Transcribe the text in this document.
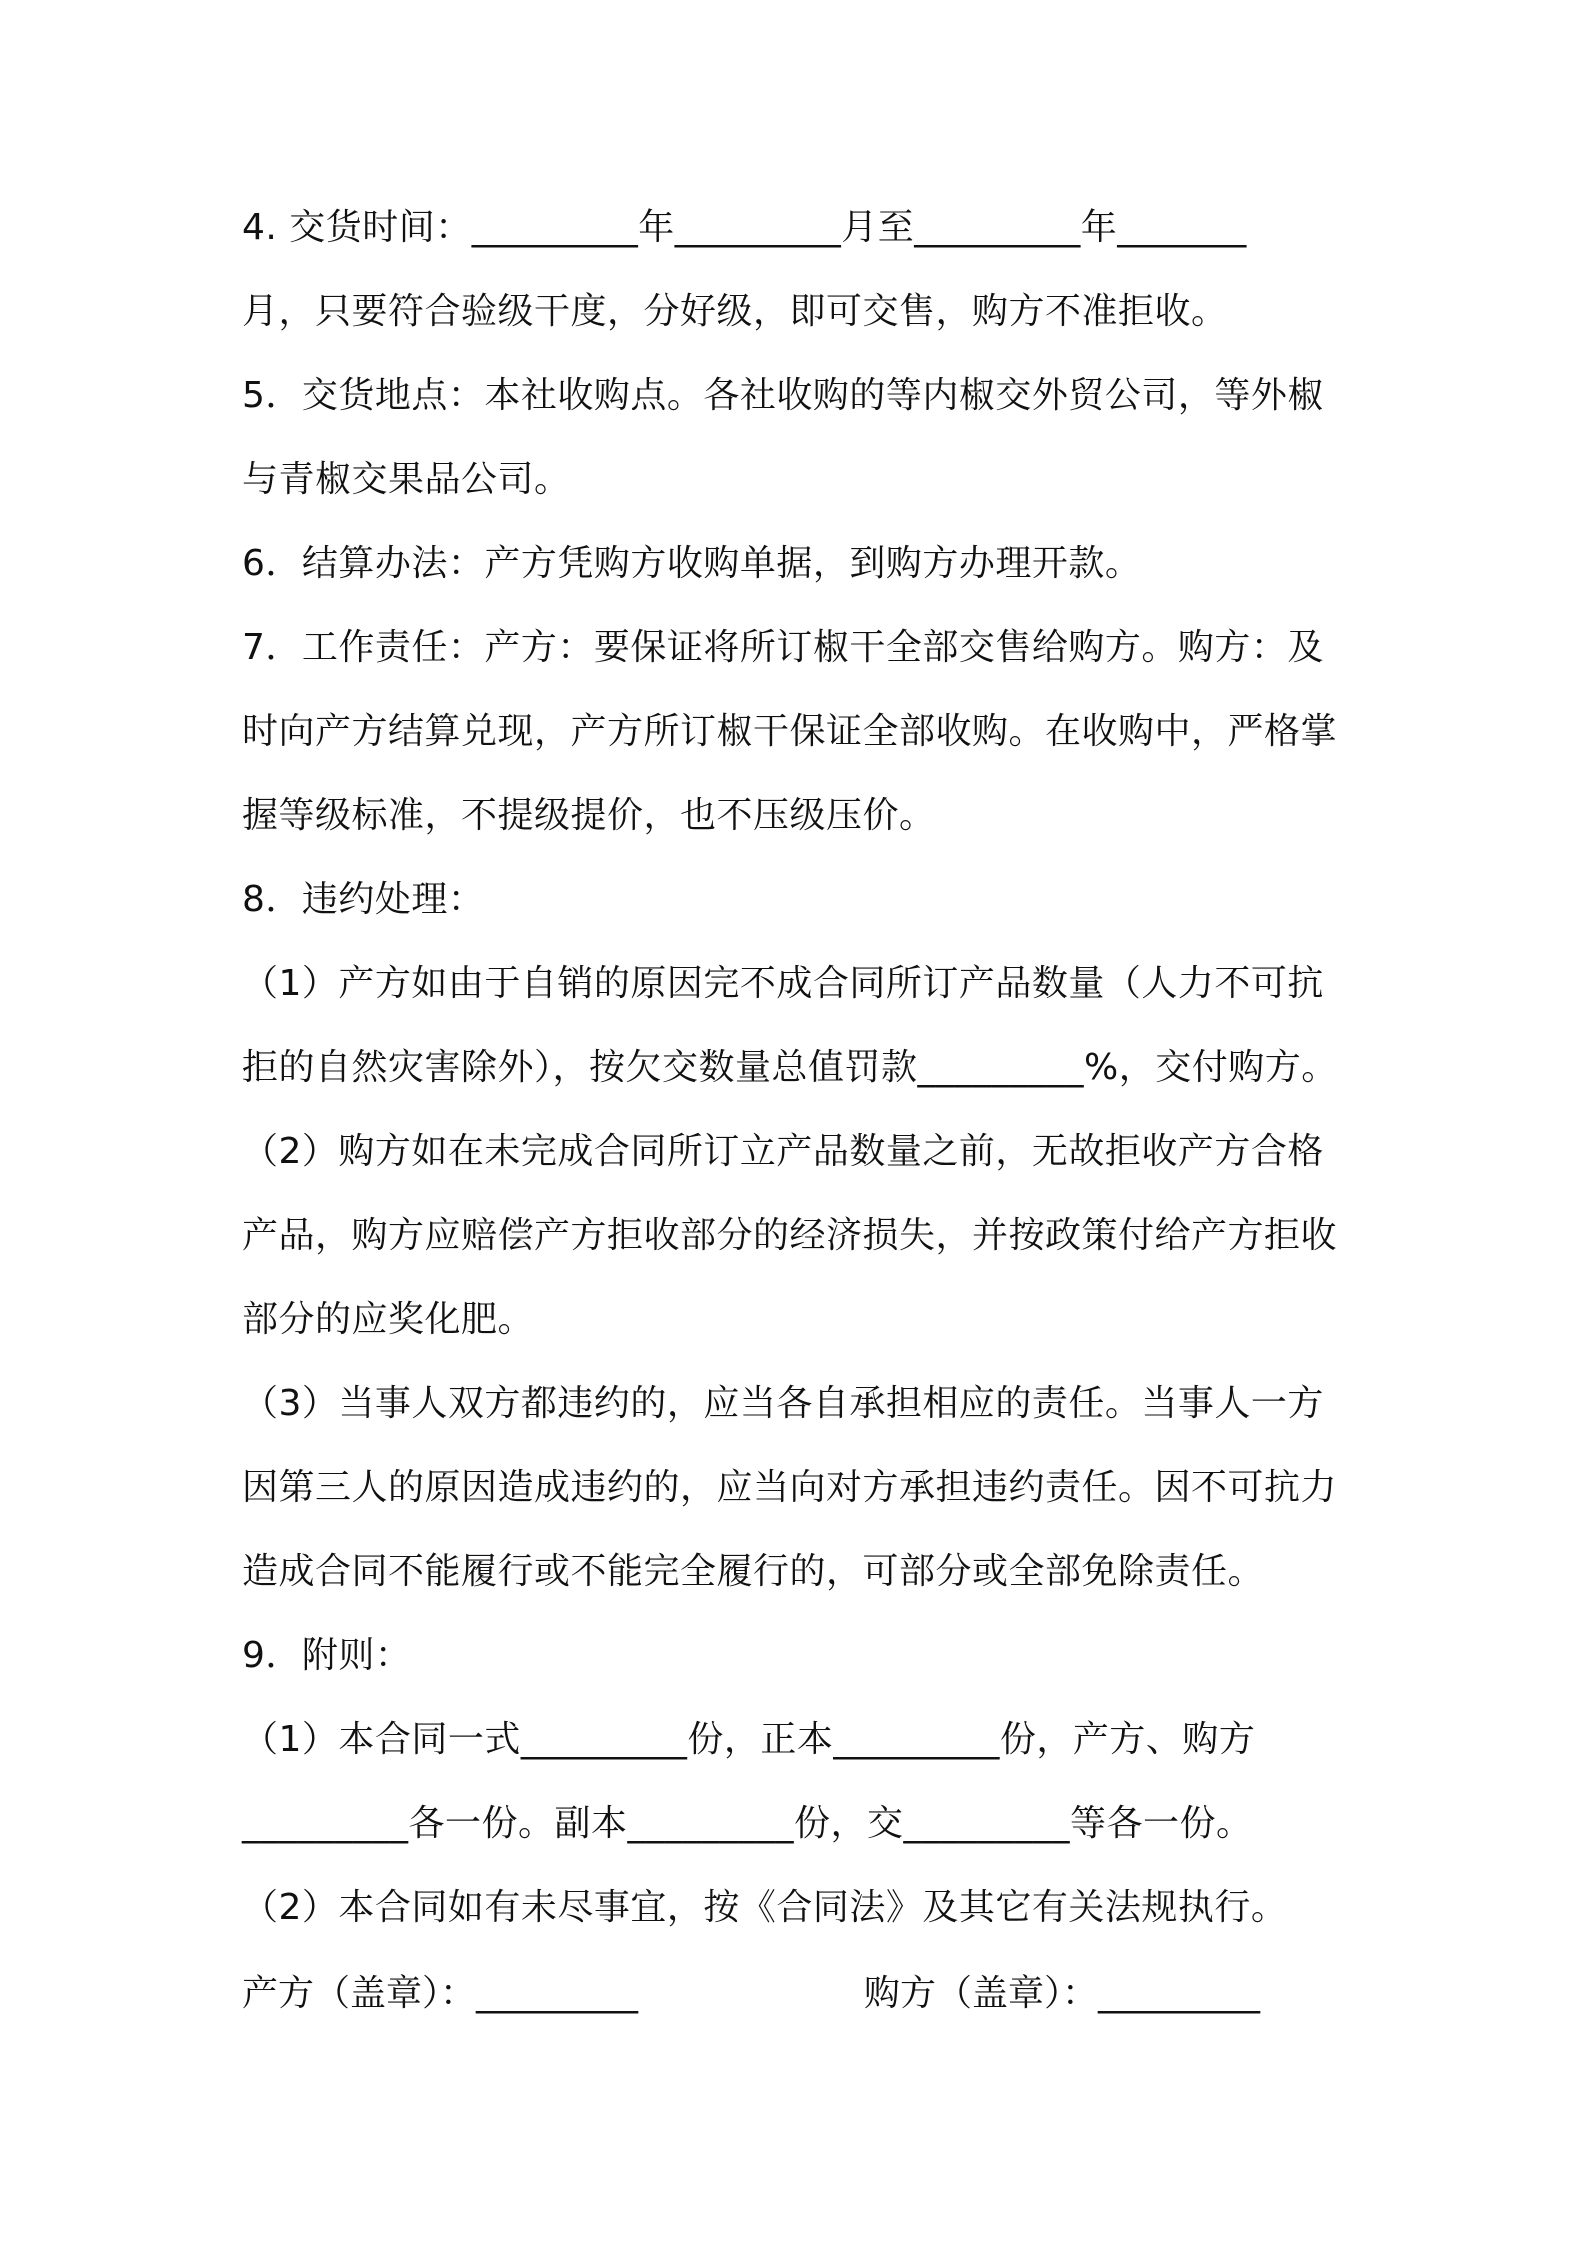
4. 交货时间：_________年_________月至_________年_______

月，只要符合验级干度，分好级，即可交售，购方不准拒收。

5．交货地点：本社收购点。各社收购的等内椒交外贸公司，等外椒

与青椒交果品公司。

6．结算办法：产方凭购方收购单据，到购方办理开款。

7．工作责任：产方：要保证将所订椒干全部交售给购方。购方：及

时向产方结算兑现，产方所订椒干保证全部收购。在收购中，严格掌

握等级标准，不提级提价，也不压级压价。

8．违约处理：

（1）产方如由于自销的原因完不成合同所订产品数量（人力不可抗

拒的自然灾害除外），按欠交数量总值罚款_________%，交付购方。

（2）购方如在未完成合同所订立产品数量之前，无故拒收产方合格

产品，购方应赔偿产方拒收部分的经济损失，并按政策付给产方拒收

部分的应奖化肥。

（3）当事人双方都违约的，应当各自承担相应的责任。当事人一方

因第三人的原因造成违约的，应当向对方承担违约责任。因不可抗力

造成合同不能履行或不能完全履行的，可部分或全部免除责任。

9．附则：

（1）本合同一式_________份，正本_________份，产方、购方

_________各一份。副本_________份，交_________等各一份。

（2）本合同如有未尽事宜，按《合同法》及其它有关法规执行。

产方（盖章）：_________	购方（盖章）：_________
